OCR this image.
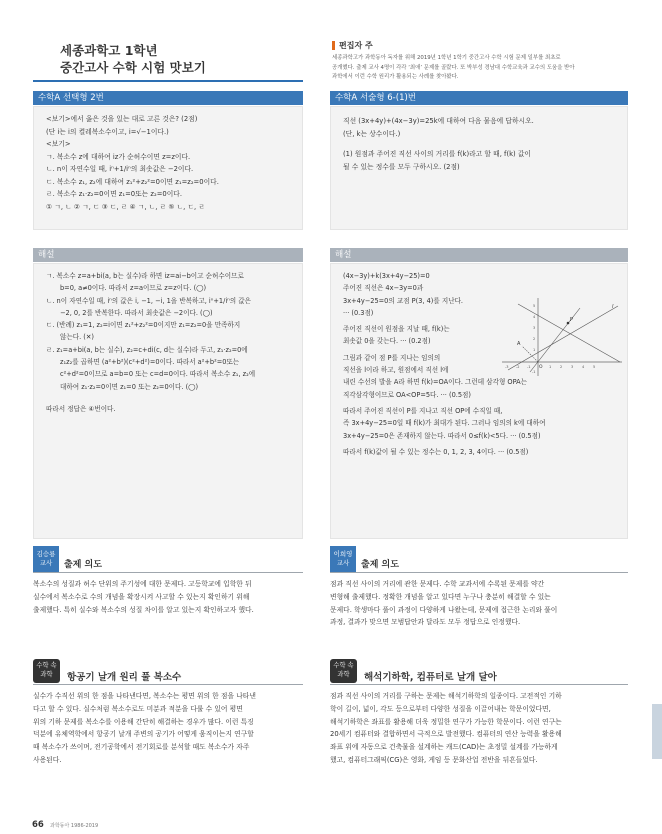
세종과학고 1학년
중간고사 수학 시험 맛보기
편집자 주

세종과학고가 과학동아 독자를 위해 2019년 1학년 1학기 중간고사 수학 시험 문제 일부를 최초로

공개했다. 출제 교사 4명이 각각 ‘최애’ 문제를 골랐다. 또 박부성 경남대 수학교육과 교수의 도움을 받아

과학에서 이런 수학 원리가 활용되는 사례를 찾아봤다.

수학A 선택형 2번
<보기>에서 옳은 것을 있는 대로 고른 것은? (2점)
(단 i는 i의 켤레복소수이고, i=√−1이다.)
<보기>
ㄱ. 복소수 z에 대하여 iz가 순허수이면 z=z이다.
ㄴ. n이 자연수일 때, iⁿ+1/iⁿ의 최솟값은 −2이다.
ㄷ. 복소수 z₁, z₂에 대하여 z₁²+z₂²=0이면 z₁=z₂=0이다.
ㄹ. 복소수 z₁·z₂=0이면 z₁=0또는 z₂=0이다.
① ㄱ, ㄴ ② ㄱ, ㄷ ③ ㄷ, ㄹ ④ ㄱ, ㄴ, ㄹ ⑤ ㄴ, ㄷ, ㄹ
수학A 서술형 6-(1)번
직선 (3x+4y)+(4x−3y)=25k에 대하여 다음 물음에 답하시오.
(단, k는 상수이다.)
(1) 원점과 주어진 직선 사이의 거리를 f(k)라고 할 때, f(k) 값이
될 수 있는 정수를 모두 구하시오. (2점)
해설
ㄱ. 복소수 z=a+bi(a, b는 실수)라 하면 iz=ai−b이고 순허수이므로
b=0, a≠0이다. 따라서 z=a이므로 z=z이다. (◯)
ㄴ. n이 자연수일 때, iⁿ의 값은 i, −1, −i, 1을 반복하고, iⁿ+1/iⁿ의 값은
−2, 0, 2를 반복한다. 따라서 최솟값은 −2이다. (◯)
ㄷ. (반례) z₁=1, z₂=i이면 z₁²+z₂²=0이지만 z₁=z₂=0을 만족하지
않는다. (✕)
ㄹ. z₁=a+bi(a, b는 실수), z₂=c+di(c, d는 실수)라 두고, z₁·z₂=0에
z₁z₂를 곱하면 (a²+b²)(c²+d²)=0이다. 따라서 a²+b²=0또는
c²+d²=0이므로 a=b=0 또는 c=d=0이다. 따라서 복소수 z₁, z₂에
대하여 z₁·z₂=0이면 z₁=0 또는 z₂=0이다. (◯)
따라서 정답은 ④번이다.
해설
(4x−3y)+k(3x+4y−25)=0
주어진 직선은 4x−3y=0과
3x+4y−25=0의 교점 P(3, 4)를 지난다.
··· (0.3점)
주어진 직선이 원점을 지날 때, f(k)는
최솟값 0을 갖는다. ··· (0.2점)
그림과 같이 점 P를 지나는 임의의
직선을 l이라 하고, 원점에서 직선 l에
내린 수선의 발을 A라 하면 f(k)=OA이다. 그런데 삼각형 OPA는
직각삼각형이므로 OA<OP=5다. ··· (0.5점)
따라서 주어진 직선이 P를 지나고 직선 OP에 수직일 때,
즉 3x+4y−25=0일 때 f(k)가 최대가 된다. 그러나 임의의 k에 대하여
3x+4y−25=0은 존재하지 않는다. 따라서 0≤f(k)<5다. ··· (0.5점)
따라서 f(k)값이 될 수 있는 정수는 0, 1, 2, 3, 4이다. ··· (0.5점)
P
A
O
l
-3 -2 -1	1	2	3	4	5
5
4
3
2
1
-1
김승룡
교사	출제 의도
복소수의 성질과 허수 단위의 주기성에 대한 문제다. 고등학교에 입학한 뒤
실수에서 복소수로 수의 개념을 확장시켜 사고할 수 있는지 확인하기 위해
출제했다. 특히 실수와 복소수의 성질 차이를 알고 있는지 확인하고자 했다.
이희영
교사	출제 의도
점과 직선 사이의 거리에 관한 문제다. 수학 교과서에 수록된 문제를 약간
변형해 출제했다. 정확한 개념을 알고 있다면 누구나 충분히 해결할 수 있는
문제다. 학생마다 풀이 과정이 다양하게 나왔는데, 문제에 접근한 논리와 풀이
과정, 결과가 맞으면 모범답안과 달라도 모두 정답으로 인정했다.
수학 속
과학	항공기 날개 원리 풀 복소수
실수가 수직선 위의 한 점을 나타낸다면, 복소수는 평면 위의 한 점을 나타낸
다고 할 수 있다. 실수처럼 복소수로도 미분과 적분을 다룰 수 있어 평면
위의 기하 문제를 복소수를 이용해 간단히 해결하는 경우가 많다. 이런 특징
덕분에 유체역학에서 항공기 날개 주변의 공기가 어떻게 움직이는지 연구할
때 복소수가 쓰이며, 전기공학에서 전기회로를 분석할 때도 복소수가 자주
사용된다.
수학 속
과학	해석기하학, 컴퓨터로 날개 달아
점과 직선 사이의 거리를 구하는 문제는 해석기하학의 일종이다. 고전적인 기하
학이 길이, 넓이, 각도 등으로부터 다양한 성질을 이끌어내는 학문이었다면,
해석기하학은 좌표를 활용해 더욱 정밀한 연구가 가능한 학문이다. 이런 연구는
20세기 컴퓨터와 결합하면서 극적으로 발전했다. 컴퓨터의 연산 능력을 활용해
좌표 위에 자동으로 건축물을 설계하는 캐드(CAD)는 초정밀 설계를 가능하게
했고, 컴퓨터그래픽(CG)은 영화, 게임 등 문화산업 전반을 뒤흔들었다.
66 과학동아 1986-2019
